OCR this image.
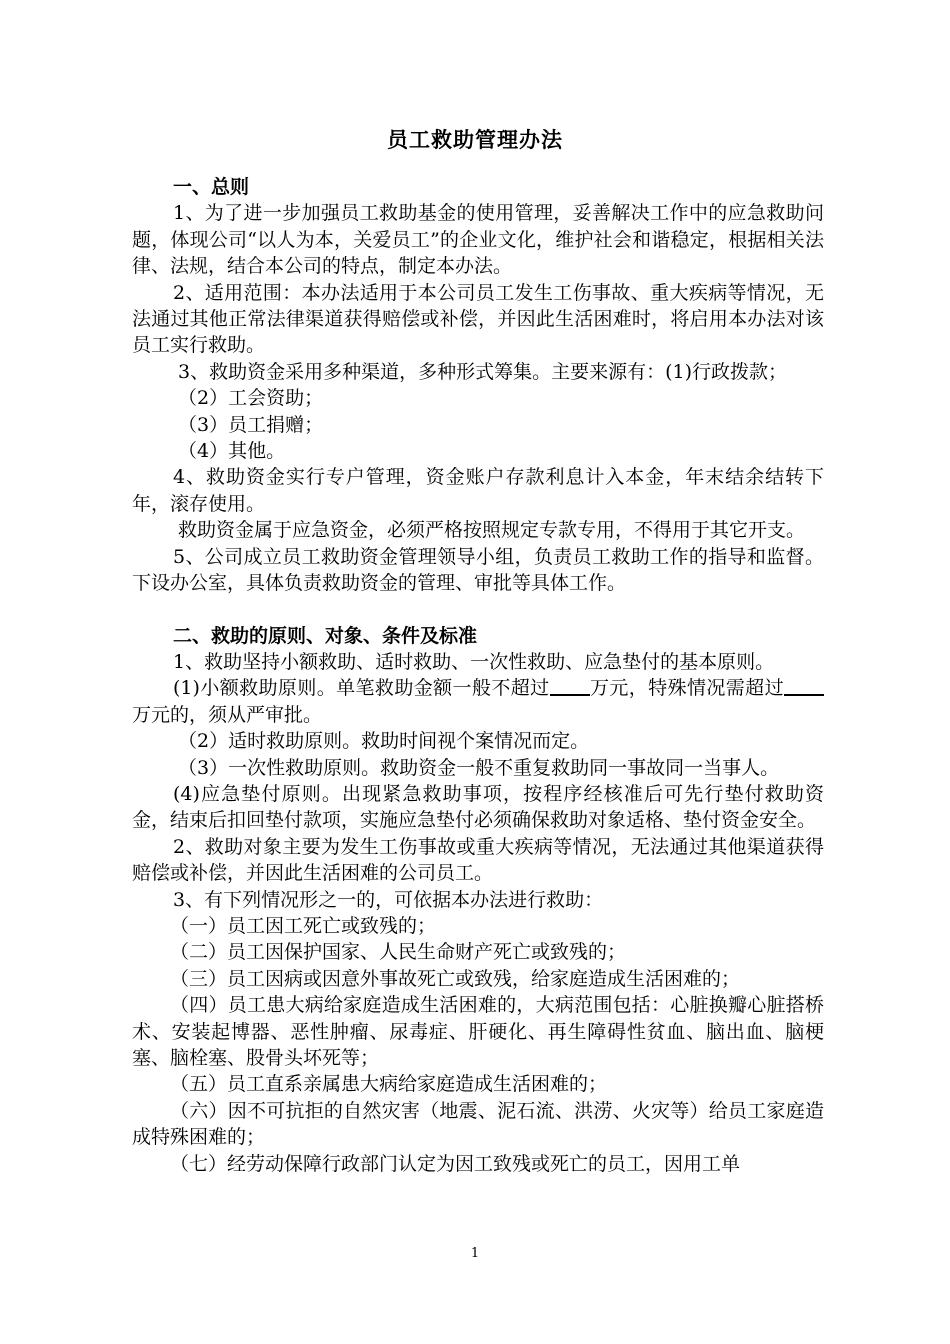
员工救助管理办法

一、总则

1、为了进一步加强员工救助基金的使用管理，妥善解决工作中的应急救助问题，体现公司“以人为本，关爱员工”的企业文化，维护社会和谐稳定，根据相关法律、法规，结合本公司的特点，制定本办法。

2、适用范围：本办法适用于本公司员工发生工伤事故、重大疾病等情况，无法通过其他正常法律渠道获得赔偿或补偿，并因此生活困难时，将启用本办法对该员工实行救助。

3、救助资金采用多种渠道，多种形式筹集。主要来源有：(1)行政拨款；

（2）工会资助；

（3）员工捐赠；

（4）其他。

4、救助资金实行专户管理，资金账户存款利息计入本金，年末结余结转下年，滚存使用。

救助资金属于应急资金，必须严格按照规定专款专用，不得用于其它开支。

5、公司成立员工救助资金管理领导小组，负责员工救助工作的指导和监督。下设办公室，具体负责救助资金的管理、审批等具体工作。

二、救助的原则、对象、条件及标准

1、救助坚持小额救助、适时救助、一次性救助、应急垫付的基本原则。

(1)小额救助原则。单笔救助金额一般不超过 万元，特殊情况需超过万元的，须从严审批。

（2）适时救助原则。救助时间视个案情况而定。

（3）一次性救助原则。救助资金一般不重复救助同一事故同一当事人。

(4)应急垫付原则。出现紧急救助事项，按程序经核准后可先行垫付救助资金，结束后扣回垫付款项，实施应急垫付必须确保救助对象适格、垫付资金安全。

2、救助对象主要为发生工伤事故或重大疾病等情况，无法通过其他渠道获得赔偿或补偿，并因此生活困难的公司员工。

3、有下列情况形之一的，可依据本办法进行救助：

（一）员工因工死亡或致残的；

（二）员工因保护国家、人民生命财产死亡或致残的；

（三）员工因病或因意外事故死亡或致残，给家庭造成生活困难的；

（四）员工患大病给家庭造成生活困难的，大病范围包括：心脏换瓣心脏搭桥术、安装起博器、恶性肿瘤、尿毒症、肝硬化、再生障碍性贫血、脑出血、脑梗塞、脑栓塞、股骨头坏死等；

（五）员工直系亲属患大病给家庭造成生活困难的；

（六）因不可抗拒的自然灾害（地震、泥石流、洪涝、火灾等）给员工家庭造成特殊困难的；

（七）经劳动保障行政部门认定为因工致残或死亡的员工，因用工单

1
